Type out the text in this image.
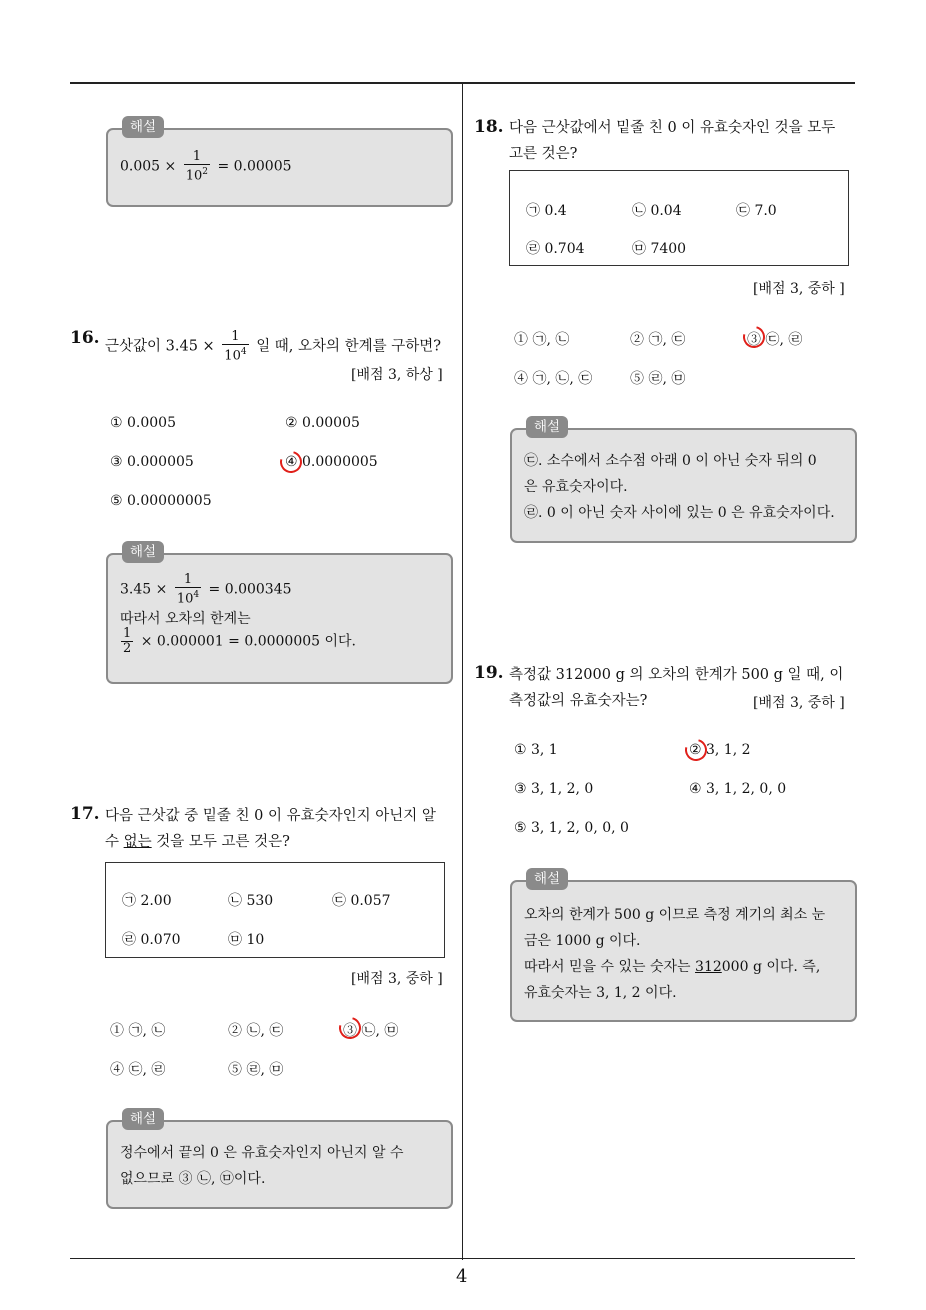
4
해설
$0.005 \times \frac{1}{10^2} = 0.00005$
16. 근삿값이 $3.45 \times \frac{1}{10^4}$ 일 때, 오차의 한계를 구하면?
[배점 3, 하상 ]
① 0.0005	② 0.00005
③ 0.000005	④ 0.0000005
⑤ 0.00000005
해설
$3.45 \times \frac{1}{10^4} = 0.000345$
따라서 오차의 한계는
$\frac{1}{2} \times 0.000001 = 0.0000005$ 이다.
17. 다음 근삿값 중 밑줄 친 0 이 유효숫자인지 아닌지 알
수 없는 것을 모두 고른 것은?
㉠ 2.00	㉡ 530	㉢ 0.057
㉣ 0.070	㉤ 10
[배점 3, 중하 ]
① ㉠, ㉡	② ㉡, ㉢	③ ㉡, ㉤
④ ㉢, ㉣	⑤ ㉣, ㉤
해설
정수에서 끝의 0 은 유효숫자인지 아닌지 알 수
없으므로 ③ ㉡, ㉤이다.
18. 다음 근삿값에서 밑줄 친 0 이 유효숫자인 것을 모두
고른 것은?
㉠ 0.4	㉡ 0.04	㉢ 7.0
㉣ 0.704	㉤ 7400
[배점 3, 중하 ]
① ㉠, ㉡	② ㉠, ㉢	③ ㉢, ㉣
④ ㉠, ㉡, ㉢	⑤ ㉣, ㉤
해설
㉢. 소수에서 소수점 아래 0 이 아닌 숫자 뒤의 0
은 유효숫자이다.
㉣. 0 이 아닌 숫자 사이에 있는 0 은 유효숫자이다.
19. 측정값 312000 g 의 오차의 한계가 500 g 일 때, 이
측정값의 유효숫자는?	[배점 3, 중하 ]
① 3, 1	② 3, 1, 2
③ 3, 1, 2, 0	④ 3, 1, 2, 0, 0
⑤ 3, 1, 2, 0, 0, 0
해설
오차의 한계가 500 g 이므로 측정 계기의 최소 눈
금은 1000 g 이다.
따라서 믿을 수 있는 숫자는 312000 g 이다. 즉,
유효숫자는 3, 1, 2 이다.
